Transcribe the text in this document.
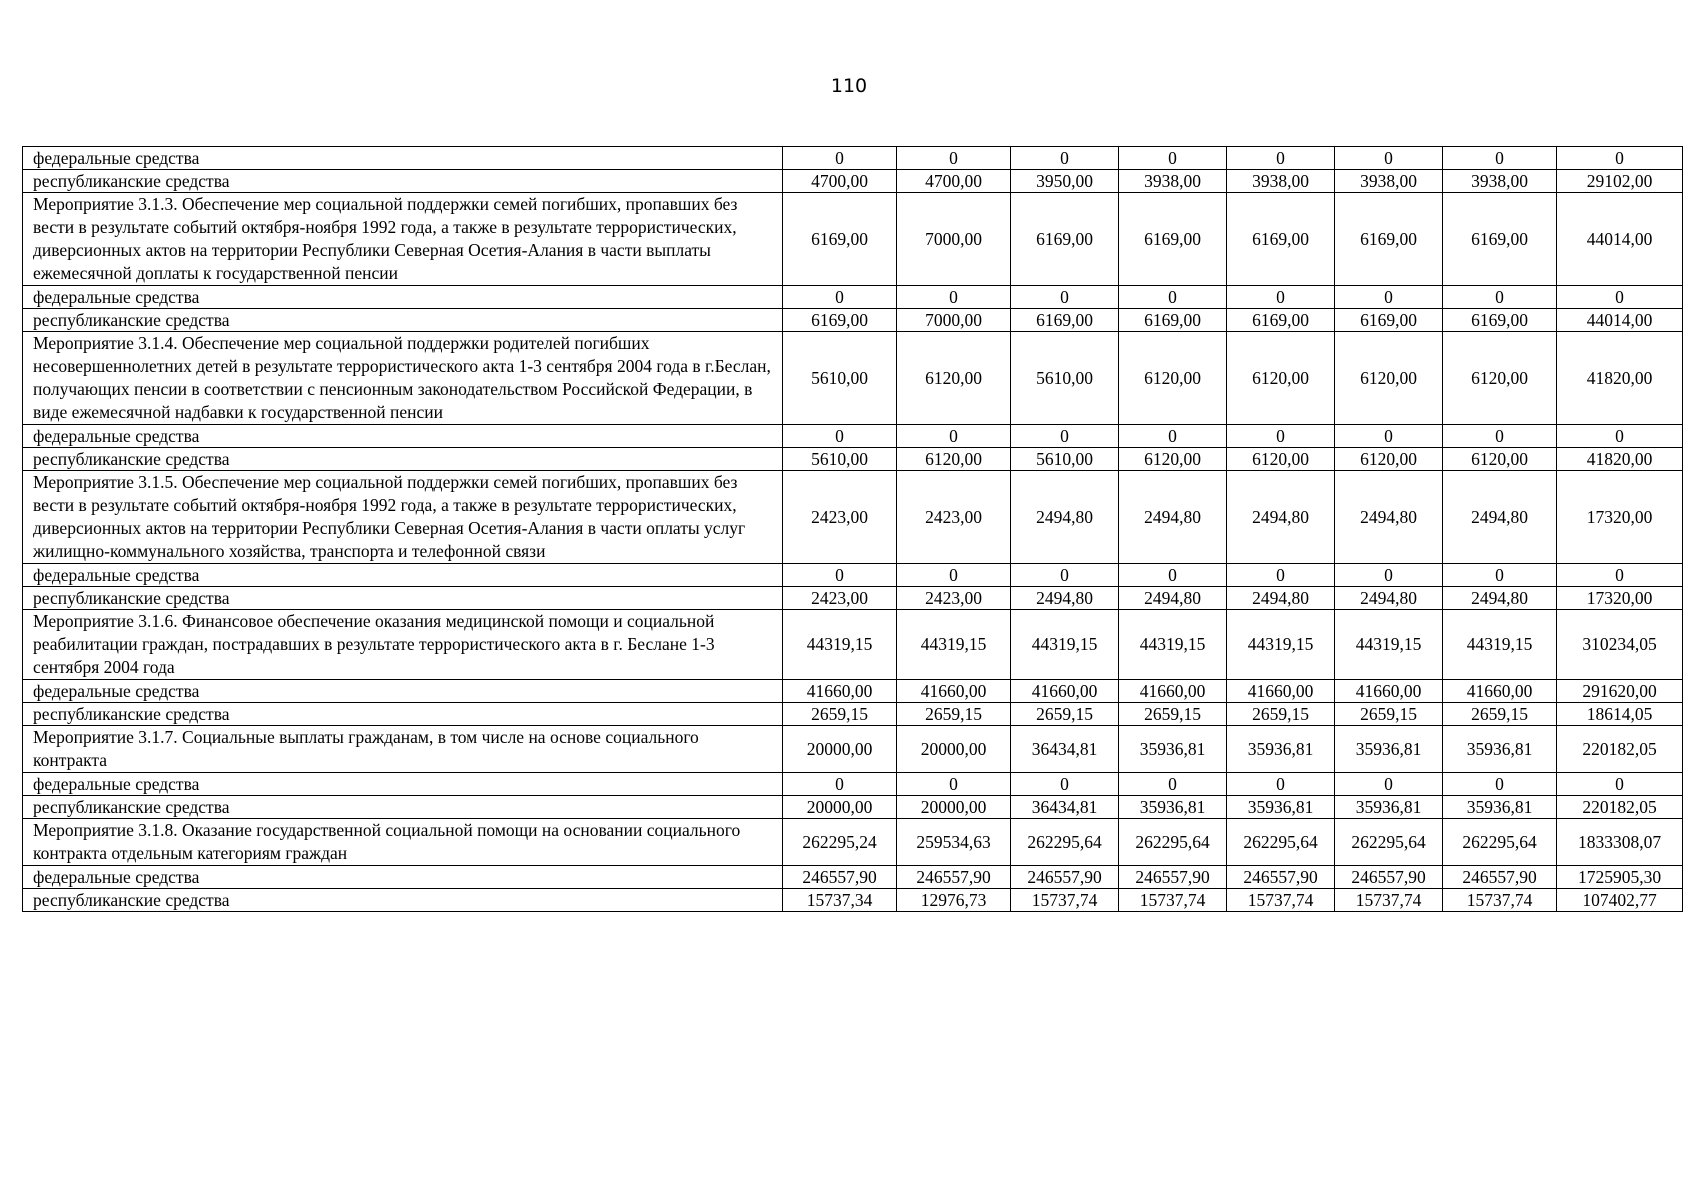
110
федеральные средства	0	0	0	0	0	0	0	0
республиканские средства	4700,00	4700,00	3950,00	3938,00	3938,00	3938,00	3938,00	29102,00
Мероприятие 3.1.3. Обеспечение мер социальной поддержки семей погибших, пропавших без вести в результате событий октября-ноября 1992 года, а также в результате террористических, диверсионных актов на территории Республики Северная Осетия-Алания в части выплаты ежемесячной доплаты к государственной пенсии	6169,00	7000,00	6169,00	6169,00	6169,00	6169,00	6169,00	44014,00
федеральные средства	0	0	0	0	0	0	0	0
республиканские средства	6169,00	7000,00	6169,00	6169,00	6169,00	6169,00	6169,00	44014,00
Мероприятие 3.1.4. Обеспечение мер социальной поддержки родителей погибших несовершеннолетних детей в результате террористического акта 1-3 сентября 2004 года в г.Беслан, получающих пенсии в соответствии с пенсионным законодательством Российской Федерации, в виде ежемесячной надбавки к государственной пенсии	5610,00	6120,00	5610,00	6120,00	6120,00	6120,00	6120,00	41820,00
федеральные средства	0	0	0	0	0	0	0	0
республиканские средства	5610,00	6120,00	5610,00	6120,00	6120,00	6120,00	6120,00	41820,00
Мероприятие 3.1.5. Обеспечение мер социальной поддержки семей погибших, пропавших без вести в результате событий октября-ноября 1992 года, а также в результате террористических, диверсионных актов на территории Республики Северная Осетия-Алания в части оплаты услуг жилищно-коммунального хозяйства, транспорта и телефонной связи	2423,00	2423,00	2494,80	2494,80	2494,80	2494,80	2494,80	17320,00
федеральные средства	0	0	0	0	0	0	0	0
республиканские средства	2423,00	2423,00	2494,80	2494,80	2494,80	2494,80	2494,80	17320,00
Мероприятие 3.1.6. Финансовое обеспечение оказания медицинской помощи и социальной реабилитации граждан, пострадавших в результате террористического акта в г. Беслане 1-3 сентября 2004 года	44319,15	44319,15	44319,15	44319,15	44319,15	44319,15	44319,15	310234,05
федеральные средства	41660,00	41660,00	41660,00	41660,00	41660,00	41660,00	41660,00	291620,00
республиканские средства	2659,15	2659,15	2659,15	2659,15	2659,15	2659,15	2659,15	18614,05
Мероприятие 3.1.7. Социальные выплаты гражданам, в том числе на основе социального контракта	20000,00	20000,00	36434,81	35936,81	35936,81	35936,81	35936,81	220182,05
федеральные средства	0	0	0	0	0	0	0	0
республиканские средства	20000,00	20000,00	36434,81	35936,81	35936,81	35936,81	35936,81	220182,05
Мероприятие 3.1.8. Оказание государственной социальной помощи на основании социального контракта отдельным категориям граждан	262295,24	259534,63	262295,64	262295,64	262295,64	262295,64	262295,64	1833308,07
федеральные средства	246557,90	246557,90	246557,90	246557,90	246557,90	246557,90	246557,90	1725905,30
республиканские средства	15737,34	12976,73	15737,74	15737,74	15737,74	15737,74	15737,74	107402,77
